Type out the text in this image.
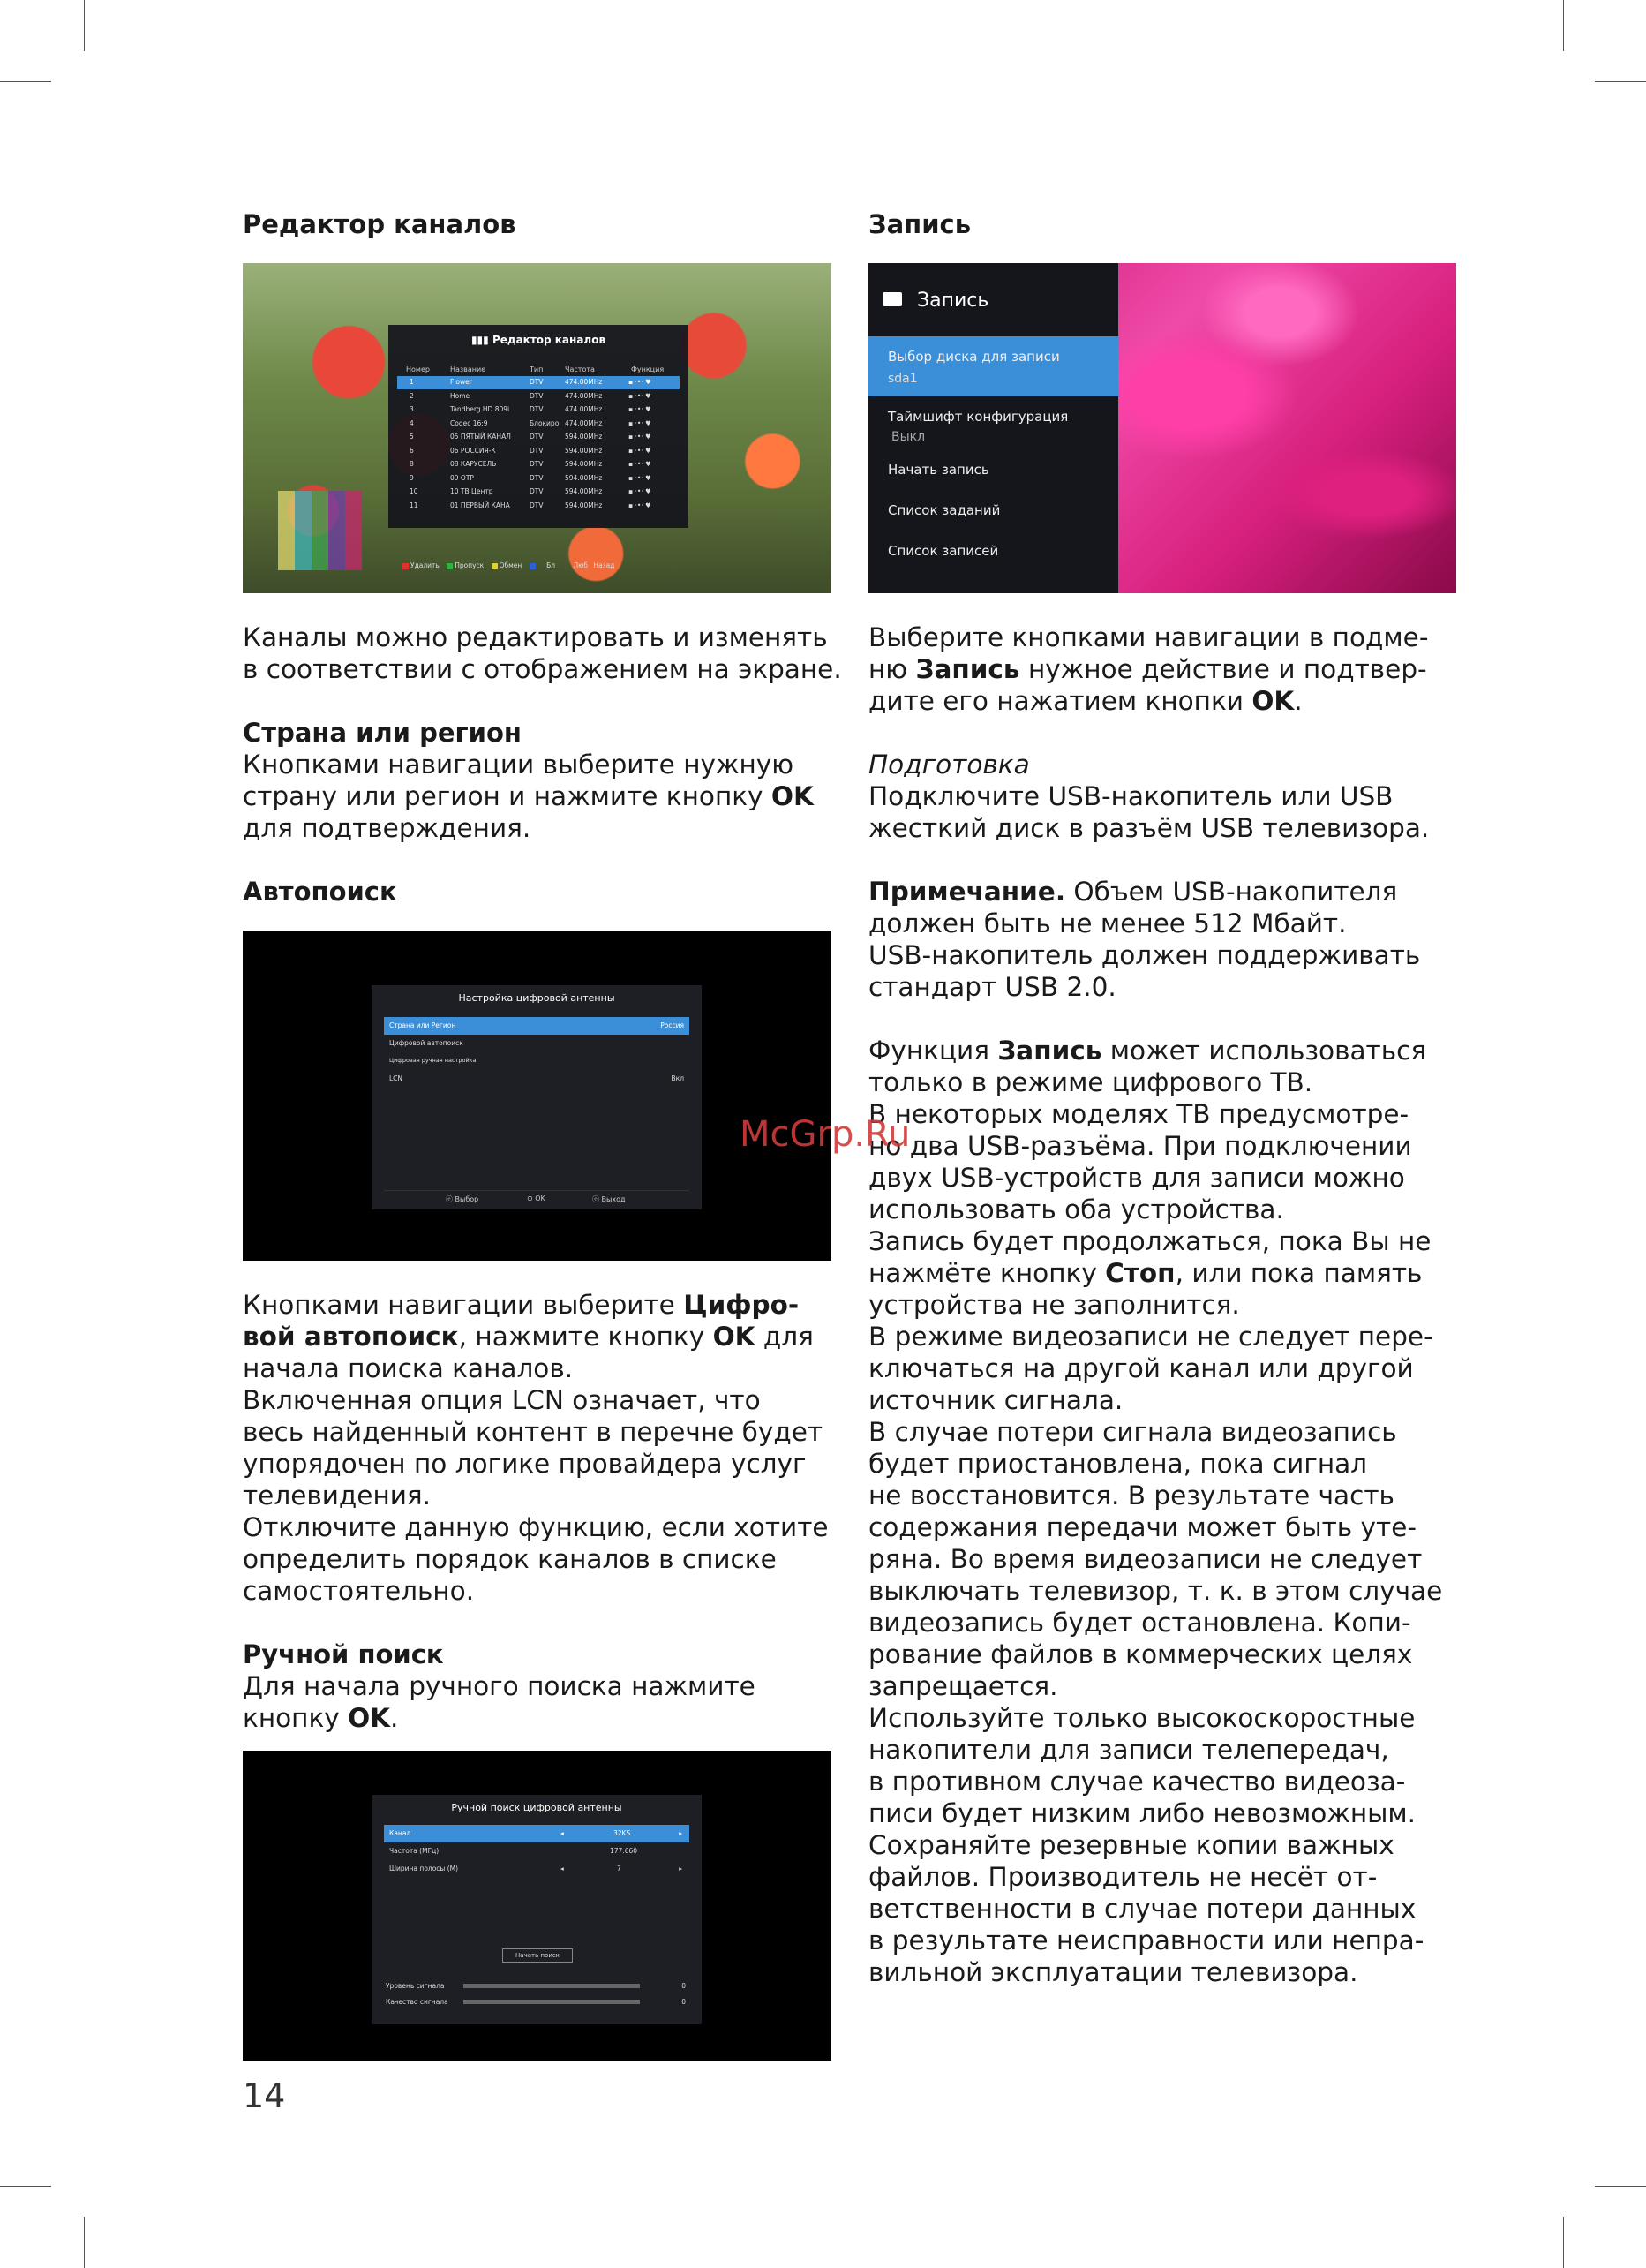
Редактор каналов
▮▮▮ Редактор каналов
Номер	Название	Тип	Частота	Функция
1	Flower	DTV	474.00MHz	▪ ·•· ♥
2	Home	DTV	474.00MHz	▪ ·•· ♥
3	Tandberg HD 809i	DTV	474.00MHz	▪ ·•· ♥
4	Codec 16:9	Блокиро 474.00MHz	▪ ·•· ♥
5	05 ПЯТЫЙ КАНАЛ	DTV	594.00MHz	▪ ·•· ♥
6	06 РОССИЯ-К	DTV	594.00MHz	▪ ·•· ♥
8	08 КАРУСЕЛЬ	DTV	594.00MHz	▪ ·•· ♥
9	09 ОТР	DTV	594.00MHz	▪ ·•· ♥
10	10 ТВ Центр	DTV	594.00MHz	▪ ·•· ♥
11	01 ПЕРВЫЙ КАНА	DTV	594.00MHz	▪ ·•· ♥
Удалить Пропуск Обмен	Бл	Люб Назад
Каналы можно редактировать и изменять
в соответствии с отображением на экране.
Страна или регион
Кнопками навигации выберите нужную
страну или регион и нажмите кнопку OK
для подтверждения.
Автопоиск
Настройка цифровой антенны
Страна или Регион	Россия
Цифровой автопоиск
Цифровая ручная настройка
LCN	Вкл
ⓔ Выбор	⊙ OK	ⓔ Выход
Кнопками навигации выберите Цифро-
вой автопоиск, нажмите кнопку OK для
начала поиска каналов.
Включенная опция LCN означает, что
весь найденный контент в перечне будет
упорядочен по логике провайдера услуг
телевидения.
Отключите данную функцию, если хотите
определить порядок каналов в списке
самостоятельно.
Ручной поиск
Для начала ручного поиска нажмите
кнопку OK.
Ручной поиск цифровой антенны
Канал	◂	32KS	▸
Частота (МГц)	177.660
Ширина полосы (М)	◂	7	▸
Начать поиск
Уровень сигнала	0
Качество сигнала	0
14
Запись
Запись
Выбор диска для записи
sda1
Таймшифт конфигурация
Выкл
Начать запись
Список заданий
Список записей
Выберите кнопками навигации в подме-
ню Запись нужное действие и подтвер-
дите его нажатием кнопки OK.
Подготовка
Подключите USB-накопитель или USB
жесткий диск в разъём USB телевизора.
Примечание. Объем USB-накопителя
должен быть не менее 512 Мбайт.
USB-накопитель должен поддерживать
стандарт USB 2.0.
Функция Запись может использоваться
только в режиме цифрового ТВ.
В некоторых моделях ТВ предусмотре-
но два USB-разъёма. При подключении
двух USB-устройств для записи можно
использовать оба устройства.
Запись будет продолжаться, пока Вы не
нажмёте кнопку Стоп, или пока память
устройства не заполнится.
В режиме видеозаписи не следует пере-
ключаться на другой канал или другой
источник сигнала.
В случае потери сигнала видеозапись
будет приостановлена, пока сигнал
не восстановится. В результате часть
содержания передачи может быть уте-
ряна. Во время видеозаписи не следует
выключать телевизор, т. к. в этом случае
видеозапись будет остановлена. Копи-
рование файлов в коммерческих целях
запрещается.
Используйте только высокоскоростные
накопители для записи телепередач,
в противном случае качество видеоза-
писи будет низким либо невозможным.
Сохраняйте резервные копии важных
файлов. Производитель не несёт от-
ветственности в случае потери данных
в результате неисправности или непра-
вильной эксплуатации телевизора.
McGrp.Ru
